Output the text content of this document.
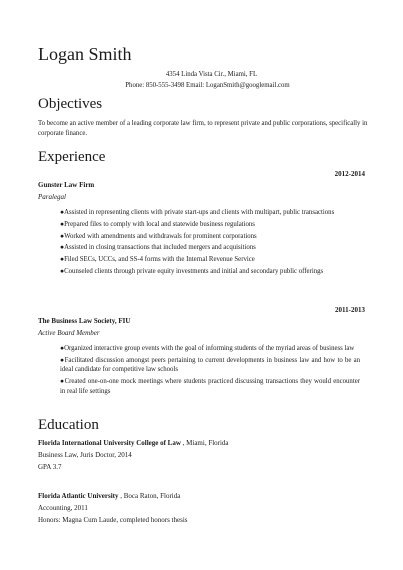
Logan Smith
4354 Linda Vista Cir., Miami, FL
Phone: 850-555-3498 Email: LoganSmith@googlemail.com
Objectives
To become an active member of a leading corporate law firm, to represent private and public corporations, specifically in corporate finance.
Experience
2012-2014
Gunster Law Firm
Paralegal
●Assisted in representing clients with private start-ups and clients with multipart, public transactions
●Prepared files to comply with local and statewide business regulations
●Worked with amendments and withdrawals for prominent corporations
●Assisted in closing transactions that included mergers and acquisitions
●Filed SECs, UCCs, and SS-4 forms with the Internal Revenue Service
●Counseled clients through private equity investments and initial and secondary public offerings
2011-2013
The Business Law Society, FIU
Active Board Member
●Organized interactive group events with the goal of informing students of the myriad areas of business law
●Facilitated discussion amongst peers pertaining to current developments in business law and how to be an ideal candidate for competitive law schools
●Created one-on-one mock meetings where students practiced discussing transactions they would encounter in real life settings
Education
Florida International University College of Law , Miami, Florida
Business Law, Juris Doctor, 2014
GPA 3.7
Florida Atlantic University , Boca Raton, Florida
Accounting, 2011
Honors: Magna Cum Laude, completed honors thesis
